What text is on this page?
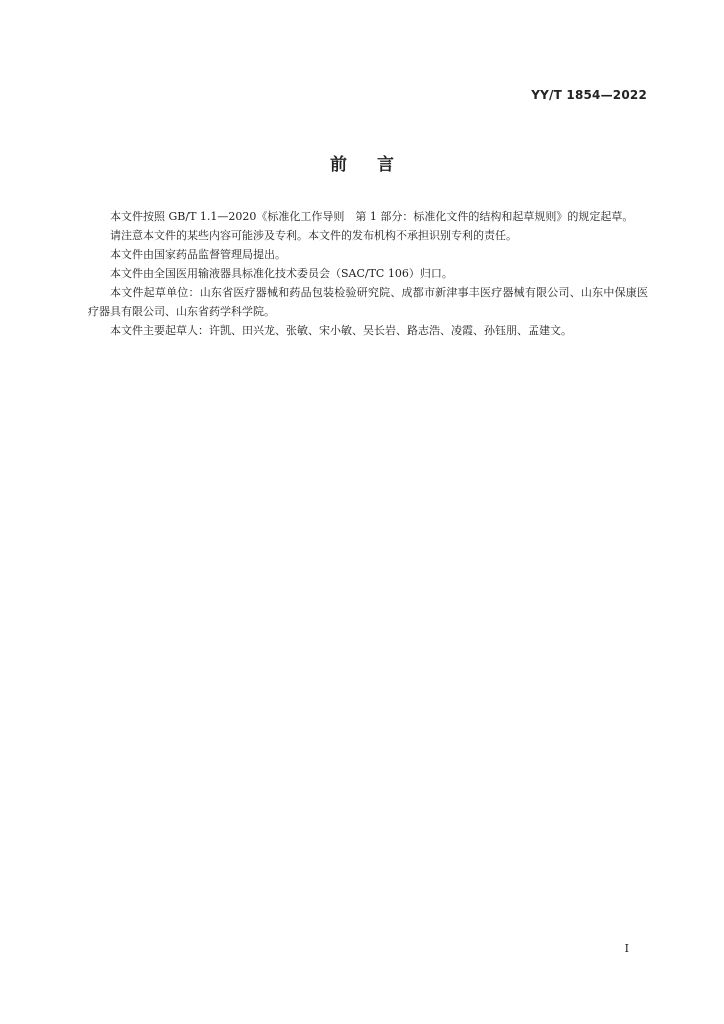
YY/T 1854—2022
前言

本文件按照 GB/T 1.1—2020《标准化工作导则　第 1 部分：标准化文件的结构和起草规则》的规定起草。

请注意本文件的某些内容可能涉及专利。本文件的发布机构不承担识别专利的责任。

本文件由国家药品监督管理局提出。

本文件由全国医用输液器具标准化技术委员会（SAC/TC 106）归口。

本文件起草单位：山东省医疗器械和药品包装检验研究院、成都市新津事丰医疗器械有限公司、山东中保康医疗器具有限公司、山东省药学科学院。

本文件主要起草人：许凯、田兴龙、张敏、宋小敏、吴长岩、路志浩、凌霞、孙钰朋、孟建文。

I
